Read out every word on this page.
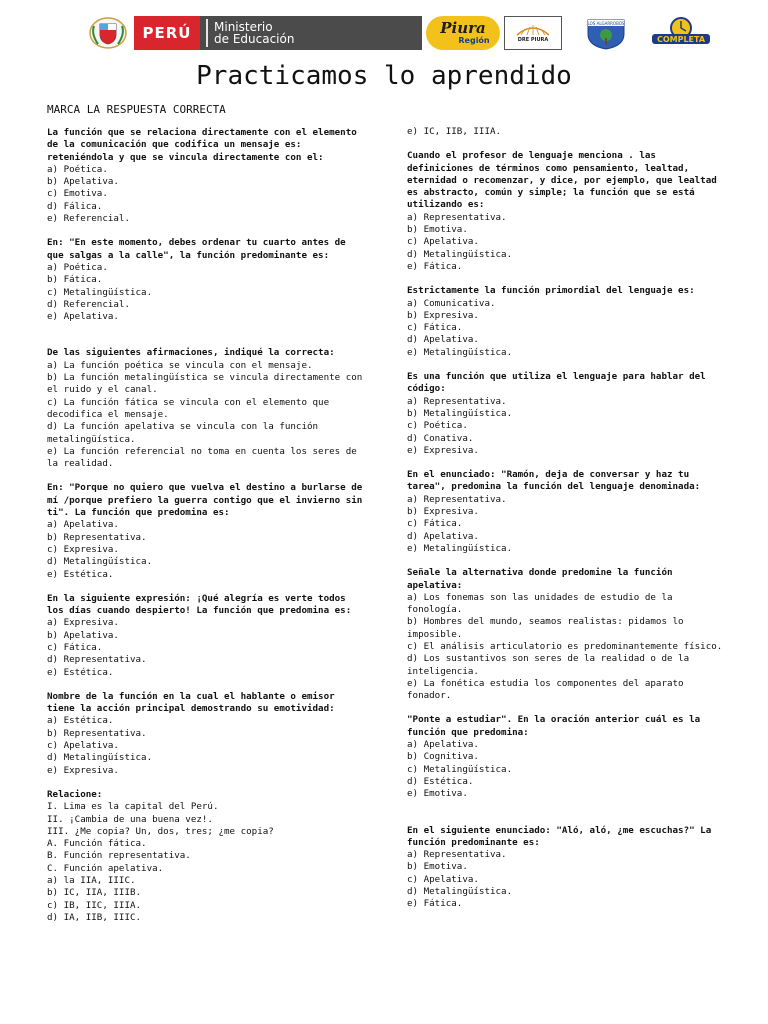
PERÚ	Ministerio
de Educación
Piura
Región	DRE PIURA
LOS ALGARROBOS
COMPLETA
Practicamos lo aprendido
MARCA LA RESPUESTA CORRECTA
La función que se relaciona directamente con el elemento de la comunicación que codifica un mensaje es: reteniéndola y que se vincula directamente con el:
a) Poética.
b) Apelativa.
c) Emotiva.
d) Fálica.
e) Referencial.
En: "En este momento, debes ordenar tu cuarto antes de que salgas a la calle", la función predominante es:
a) Poética.
b) Fática.
c) Metalingüística.
d) Referencial.
e) Apelativa.
De las siguientes afirmaciones, indiqué la correcta:
a) La función poética se vincula con el mensaje.
b) La función metalingüística se vincula directamente con el ruido y el canal.
c) La función fática se vincula con el elemento que decodifica el mensaje.
d) La función apelativa se vincula con la función metalingüística.
e) La función referencial no toma en cuenta los seres de la realidad.
En: "Porque no quiero que vuelva el destino a burlarse de mí /porque prefiero la guerra contigo que el invierno sin ti". La función que predomina es:
a) Apelativa.
b) Representativa.
c) Expresiva.
d) Metalingüística.
e) Estética.
En la siguiente expresión: ¡Qué alegría es verte todos los días cuando despierto! La función que predomina es:
a) Expresiva.
b) Apelativa.
c) Fática.
d) Representativa.
e) Estética.
Nombre de la función en la cual el hablante o emisor tiene la acción principal demostrando su emotividad:
a) Estética.
b) Representativa.
c) Apelativa.
d) Metalingüística.
e) Expresiva.
Relacione:
I. Lima es la capital del Perú.
II. ¡Cambia de una buena vez!.
III. ¿Me copia? Un, dos, tres; ¿me copia?
A. Función fática.
B. Función representativa.
C. Función apelativa.
a) la IIA, IIIC.
b) IC, IIA, IIIB.
c) IB, IIC, IIIA.
d) IA, IIB, IIIC.
e) IC, IIB, IIIA.
Cuando el profesor de lenguaje menciona . las definiciones de términos como pensamiento, lealtad, eternidad o recomenzar, y dice, por ejemplo, que lealtad es abstracto, común y simple; la función que se está utilizando es:
a) Representativa.
b) Emotiva.
c) Apelativa.
d) Metalingüística.
e) Fática.
Estrictamente la función primordial del lenguaje es:
a) Comunicativa.
b) Expresiva.
c) Fática.
d) Apelativa.
e) Metalingüística.
Es una función que utiliza el lenguaje para hablar del código:
a) Representativa.
b) Metalingüística.
c) Poética.
d) Conativa.
e) Expresiva.
En el enunciado: "Ramón, deja de conversar y haz tu tarea", predomina la función del lenguaje denominada:
a) Representativa.
b) Expresiva.
c) Fática.
d) Apelativa.
e) Metalingüística.
Señale la alternativa donde predomine la función apelativa:
a) Los fonemas son las unidades de estudio de la fonología.
b) Hombres del mundo, seamos realistas: pidamos lo imposible.
c) El análisis articulatorio es predominantemente físico.
d) Los sustantivos son seres de la realidad o de la inteligencia.
e) La fonética estudia los componentes del aparato fonador.
"Ponte a estudiar". En la oración anterior cuál es la función que predomina:
a) Apelativa.
b) Cognitiva.
c) Metalingüística.
d) Estética.
e) Emotiva.
En el siguiente enunciado: "Aló, aló, ¿me escuchas?" La función predominante es:
a) Representativa.
b) Emotiva.
c) Apelativa.
d) Metalingüística.
e) Fática.
